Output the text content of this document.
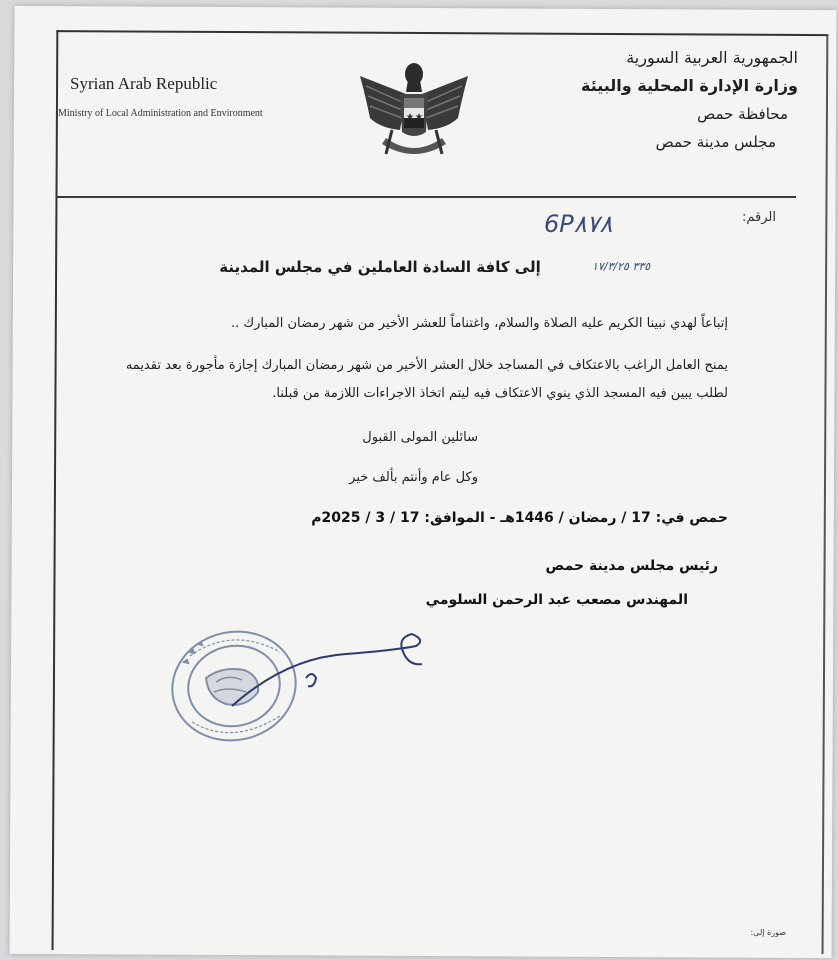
Syrian Arab Republic
Ministry of Local Administration and Environment
الجمهورية العربية السورية
وزارة الإدارة المحلية والبيئة
محافظة حمص
مجلس مدينة حمص
الرقم:
6P٨٧٨
٣٣٥ ١٧/٣/٢٥
إلى كافة السادة العاملين في مجلس المدينة
إتباعاً لهدي نبينا الكريم عليه الصلاة والسلام، واغتناماً للعشر الأخير من شهر رمضان المبارك ..
يمنح العامل الراغب بالاعتكاف في المساجد خلال العشر الأخير من شهر رمضان المبارك إجازة مأجورة بعد تقديمه لطلب يبين فيه المسجد الذي ينوي الاعتكاف فيه ليتم اتخاذ الاجراءات اللازمة من قبلنا.
سائلين المولى القبول
وكل عام وأنتم بألف خير
حمص في: 17 / رمضان / 1446هـ - الموافق: 17 / 3 / 2025م
رئيس مجلس مدينة حمص
المهندس مصعب عبد الرحمن السلومي
صورة إلى:
